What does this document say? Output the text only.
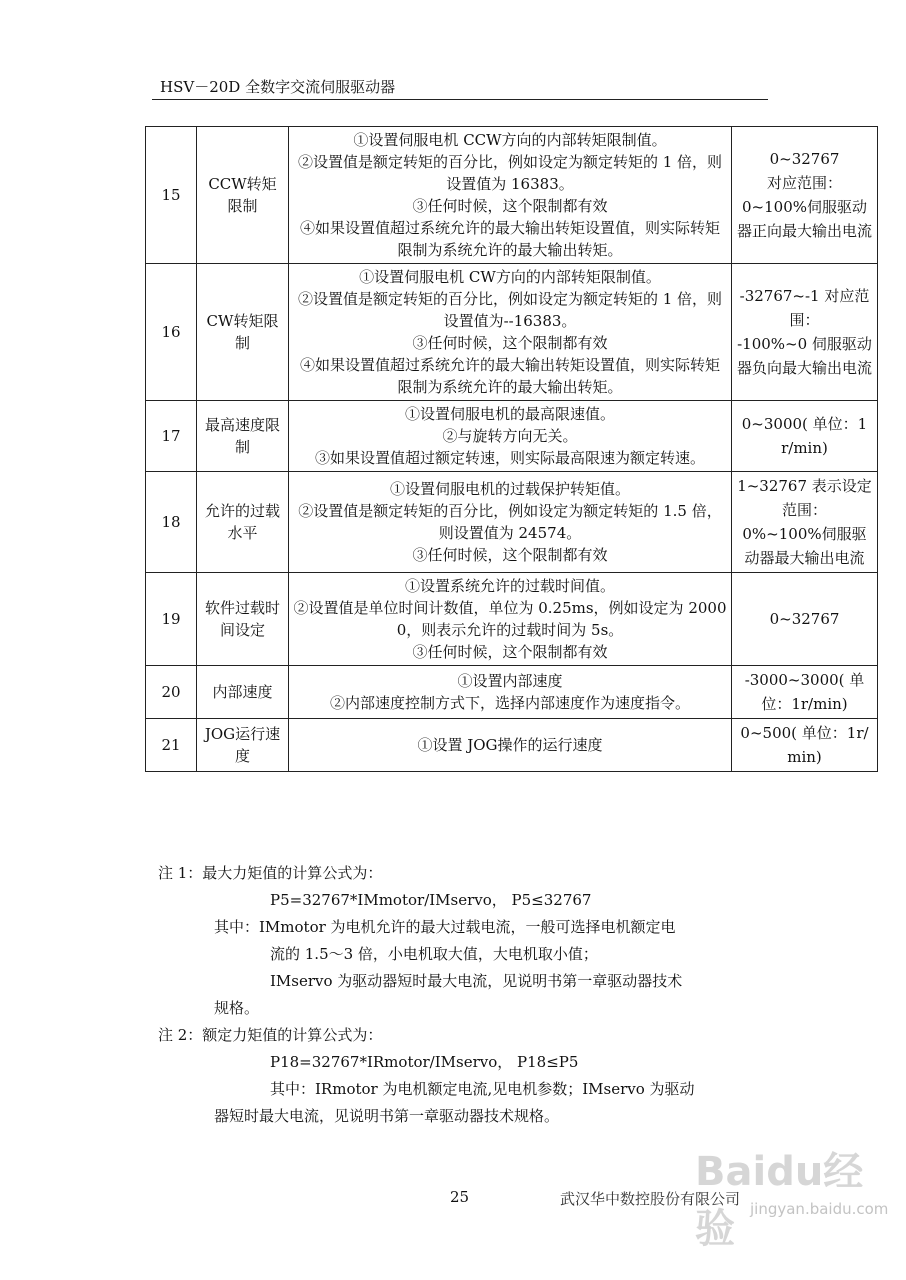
HSV－20D 全数字交流伺服驱动器
15	CCW转矩限制	①设置伺服电机 CCW方向的内部转矩限制值。
②设置值是额定转矩的百分比，例如设定为额定转矩的 1 倍，则设置值为 16383。
③任何时候，这个限制都有效
④如果设置值超过系统允许的最大输出转矩设置值，则实际转矩限制为系统允许的最大输出转矩。	0~32767
对应范围：
0~100%伺服驱动器正向最大输出电流

16	CW转矩限制	①设置伺服电机 CW方向的内部转矩限制值。
②设置值是额定转矩的百分比，例如设定为额定转矩的 1 倍，则设置值为--16383。
③任何时候，这个限制都有效
④如果设置值超过系统允许的最大输出转矩设置值，则实际转矩限制为系统允许的最大输出转矩。	-32767~-1 对应范围：
-100%~0 伺服驱动器负向最大输出电流

17	最高速度限制	①设置伺服电机的最高限速值。
②与旋转方向无关。
③如果设置值超过额定转速，则实际最高限速为额定转速。	0~3000( 单位：1r/min)

18	允许的过载水平	①设置伺服电机的过载保护转矩值。
②设置值是额定转矩的百分比，例如设定为额定转矩的 1.5 倍，则设置值为 24574。
③任何时候，这个限制都有效	1~32767 表示设定范围：
0%~100%伺服驱动器最大输出电流

19	软件过载时间设定	①设置系统允许的过载时间值。
②设置值是单位时间计数值，单位为 0.25ms，例如设定为 20000，则表示允许的过载时间为 5s。
③任何时候，这个限制都有效	0~32767

20	内部速度	①设置内部速度
②内部速度控制方式下，选择内部速度作为速度指令。	-3000~3000( 单位：1r/min)

21	JOG运行速度	①设置 JOG操作的运行速度	0~500( 单位：1r/min)
注 1：最大力矩值的计算公式为：
P5=32767*IMmotor/IMservo， P5≤32767
其中：IMmotor 为电机允许的最大过载电流，一般可选择电机额定电
流的 1.5～3 倍，小电机取大值，大电机取小值；
IMservo 为驱动器短时最大电流，见说明书第一章驱动器技术
规格。
注 2：额定力矩值的计算公式为：
P18=32767*IRmotor/IMservo， P18≤P5
其中：IRmotor 为电机额定电流,见电机参数；IMservo 为驱动
器短时最大电流，见说明书第一章驱动器技术规格。
25	武汉华中数控股份有限公司
Baidu经验	jingyan.baidu.com
